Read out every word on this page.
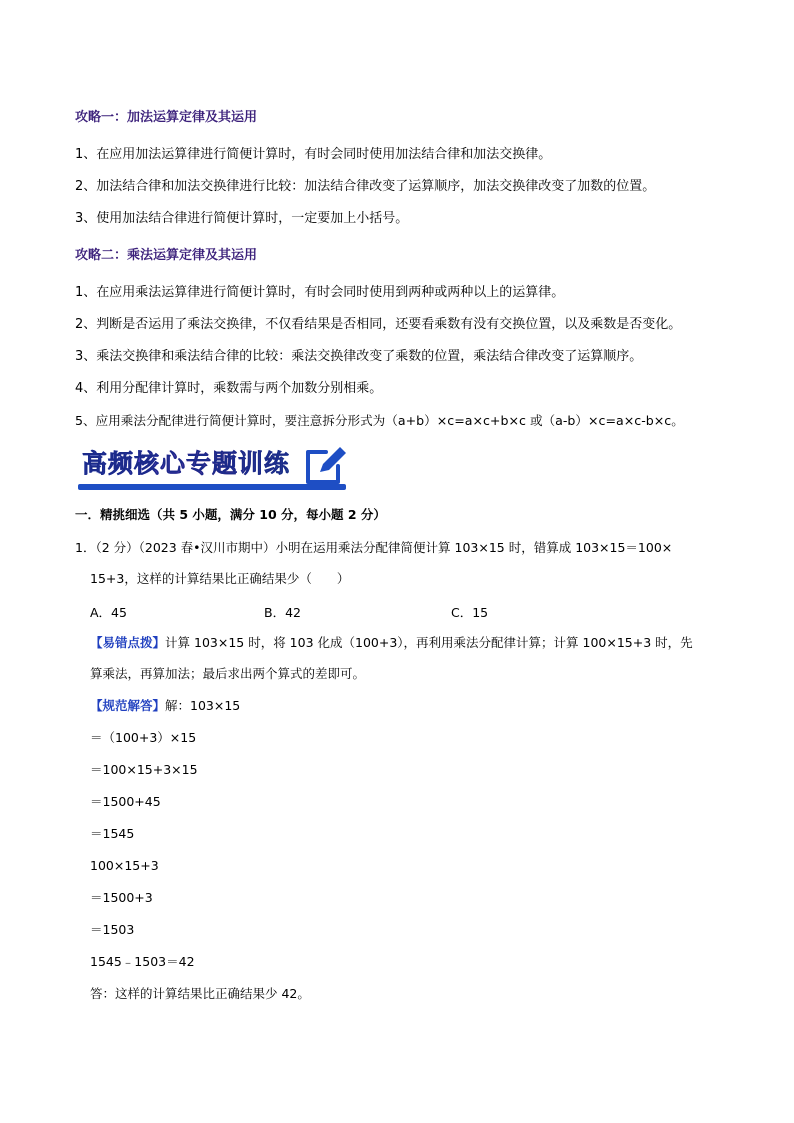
攻略一：加法运算定律及其运用
1、在应用加法运算律进行简便计算时，有时会同时使用加法结合律和加法交换律。
2、加法结合律和加法交换律进行比较：加法结合律改变了运算顺序，加法交换律改变了加数的位置。
3、使用加法结合律进行简便计算时，一定要加上小括号。
攻略二：乘法运算定律及其运用
1、在应用乘法运算律进行简便计算时，有时会同时使用到两种或两种以上的运算律。
2、判断是否运用了乘法交换律，不仅看结果是否相同，还要看乘数有没有交换位置，以及乘数是否变化。
3、乘法交换律和乘法结合律的比较：乘法交换律改变了乘数的位置，乘法结合律改变了运算顺序。
4、利用分配律计算时，乘数需与两个加数分别相乘。
5、应用乘法分配律进行简便计算时，要注意拆分形式为（a+b）×c=a×c+b×c 或（a-b）×c=a×c-b×c。
高频核心专题训练
一．精挑细选（共 5 小题，满分 10 分，每小题 2 分）
1．（2 分）（2023 春•汉川市期中）小明在运用乘法分配律简便计算 103×15 时，错算成 103×15＝100×
15+3，这样的计算结果比正确结果少（　　）
A．45	B．42	C．15
【易错点拨】计算 103×15 时，将 103 化成（100+3），再利用乘法分配律计算；计算 100×15+3 时，先
算乘法，再算加法；最后求出两个算式的差即可。
【规范解答】解：103×15
＝（100+3）×15
＝100×15+3×15
＝1500+45
＝1545
100×15+3
＝1500+3
＝1503
1545﹣1503＝42
答：这样的计算结果比正确结果少 42。
